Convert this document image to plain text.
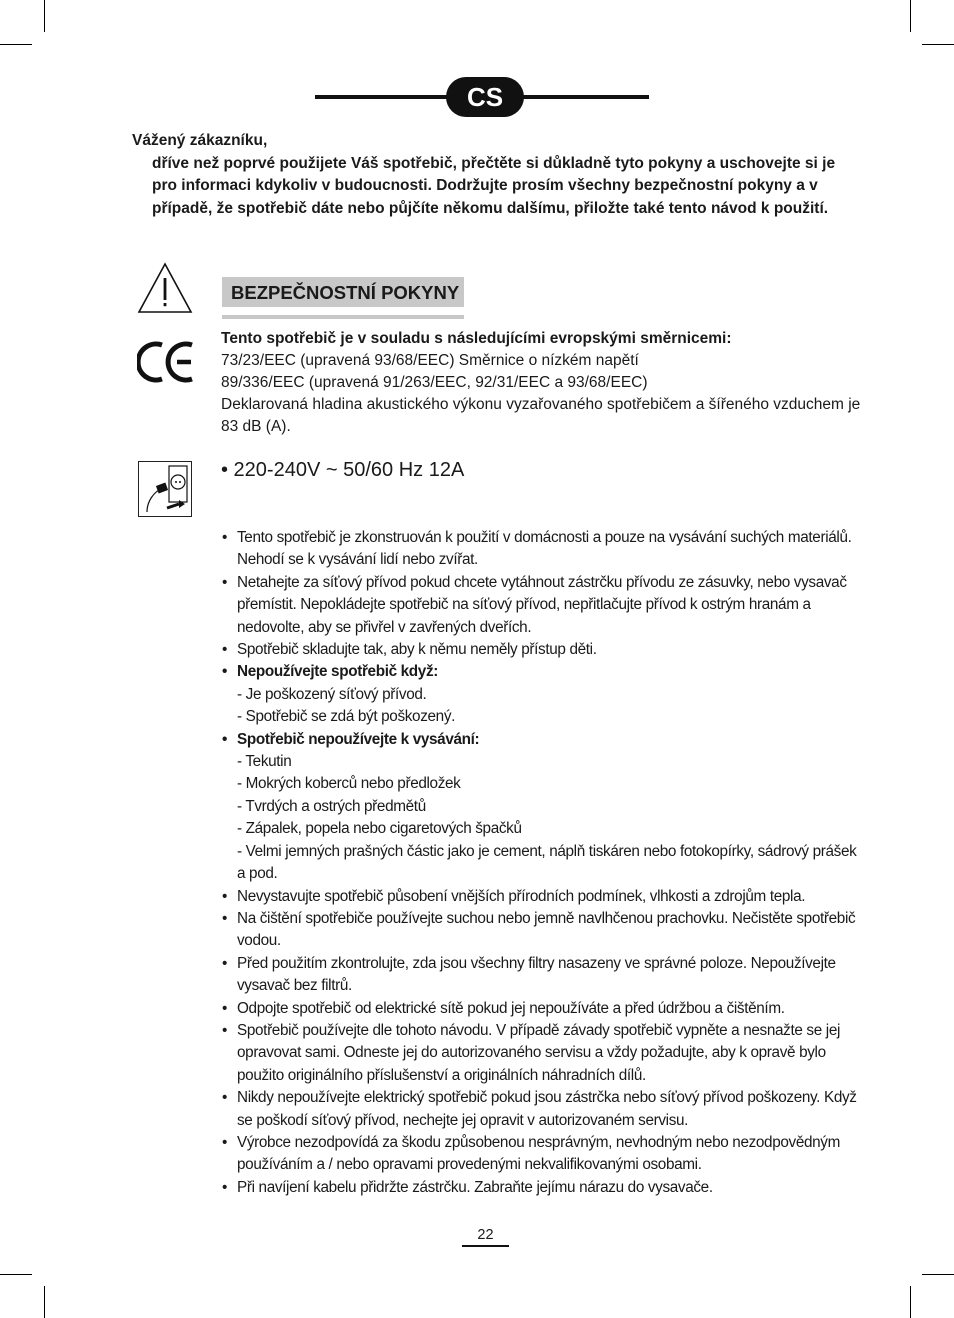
CS
Vážený zákazníku,
dříve než poprvé použijete Váš spotřebič, přečtěte si důkladně tyto pokyny a uschovejte si je pro informaci kdykoliv v budoucnosti. Dodržujte prosím všechny bezpečnostní pokyny a v případě, že spotřebič dáte nebo půjčíte někomu dalšímu, přiložte také tento návod k použití.
BEZPEČNOSTNÍ POKYNY
Tento spotřebič je v souladu s následujícími evropskými směrnicemi:
73/23/EEC (upravená 93/68/EEC) Směrnice o nízkém napětí
89/336/EEC (upravená 91/263/EEC, 92/31/EEC a 93/68/EEC)
Deklarovaná hladina akustického výkonu vyzařovaného spotřebičem a šířeného vzduchem je 83 dB (A).
• 220-240V ~ 50/60 Hz 12A
• Tento spotřebič je zkonstruován k použití v domácnosti a pouze na vysávání suchých materiálů. Nehodí se k vysávání lidí nebo zvířat.
• Netahejte za síťový přívod pokud chcete vytáhnout zástrčku přívodu ze zásuvky, nebo vysavač přemístit. Nepokládejte spotřebič na síťový přívod, nepřitlačujte přívod k ostrým hranám a nedovolte, aby se přivřel v zavřených dveřích.
• Spotřebič skladujte tak, aby k němu neměly přístup děti.
• Nepoužívejte spotřebič když:
- Je poškozený síťový přívod.
- Spotřebič se zdá být poškozený.
• Spotřebič nepoužívejte k vysávání:
- Tekutin
- Mokrých koberců nebo předložek
- Tvrdých a ostrých předmětů
- Zápalek, popela nebo cigaretových špačků
- Velmi jemných prašných částic jako je cement, náplň tiskáren nebo fotokopírky, sádrový prášek a pod.
• Nevystavujte spotřebič působení vnějších přírodních podmínek, vlhkosti a zdrojům tepla.
• Na čištění spotřebiče používejte suchou nebo jemně navlhčenou prachovku. Nečistěte spotřebič vodou.
• Před použitím zkontrolujte, zda jsou všechny filtry nasazeny ve správné poloze. Nepoužívejte vysavač bez filtrů.
• Odpojte spotřebič od elektrické sítě pokud jej nepoužíváte a před údržbou a čištěním.
• Spotřebič používejte dle tohoto návodu. V případě závady spotřebič vypněte a nesnažte se jej opravovat sami. Odneste jej do autorizovaného servisu a vždy požadujte, aby k opravě bylo použito originálního příslušenství a originálních náhradních dílů.
• Nikdy nepoužívejte elektrický spotřebič pokud jsou zástrčka nebo síťový přívod poškozeny. Když se poškodí síťový přívod, nechejte jej opravit v autorizovaném servisu.
• Výrobce nezodpovídá za škodu způsobenou nesprávným, nevhodným nebo nezodpovědným používáním a / nebo opravami provedenými nekvalifikovanými osobami.
• Při navíjení kabelu přidržte zástrčku. Zabraňte jejímu nárazu do vysavače.
22
